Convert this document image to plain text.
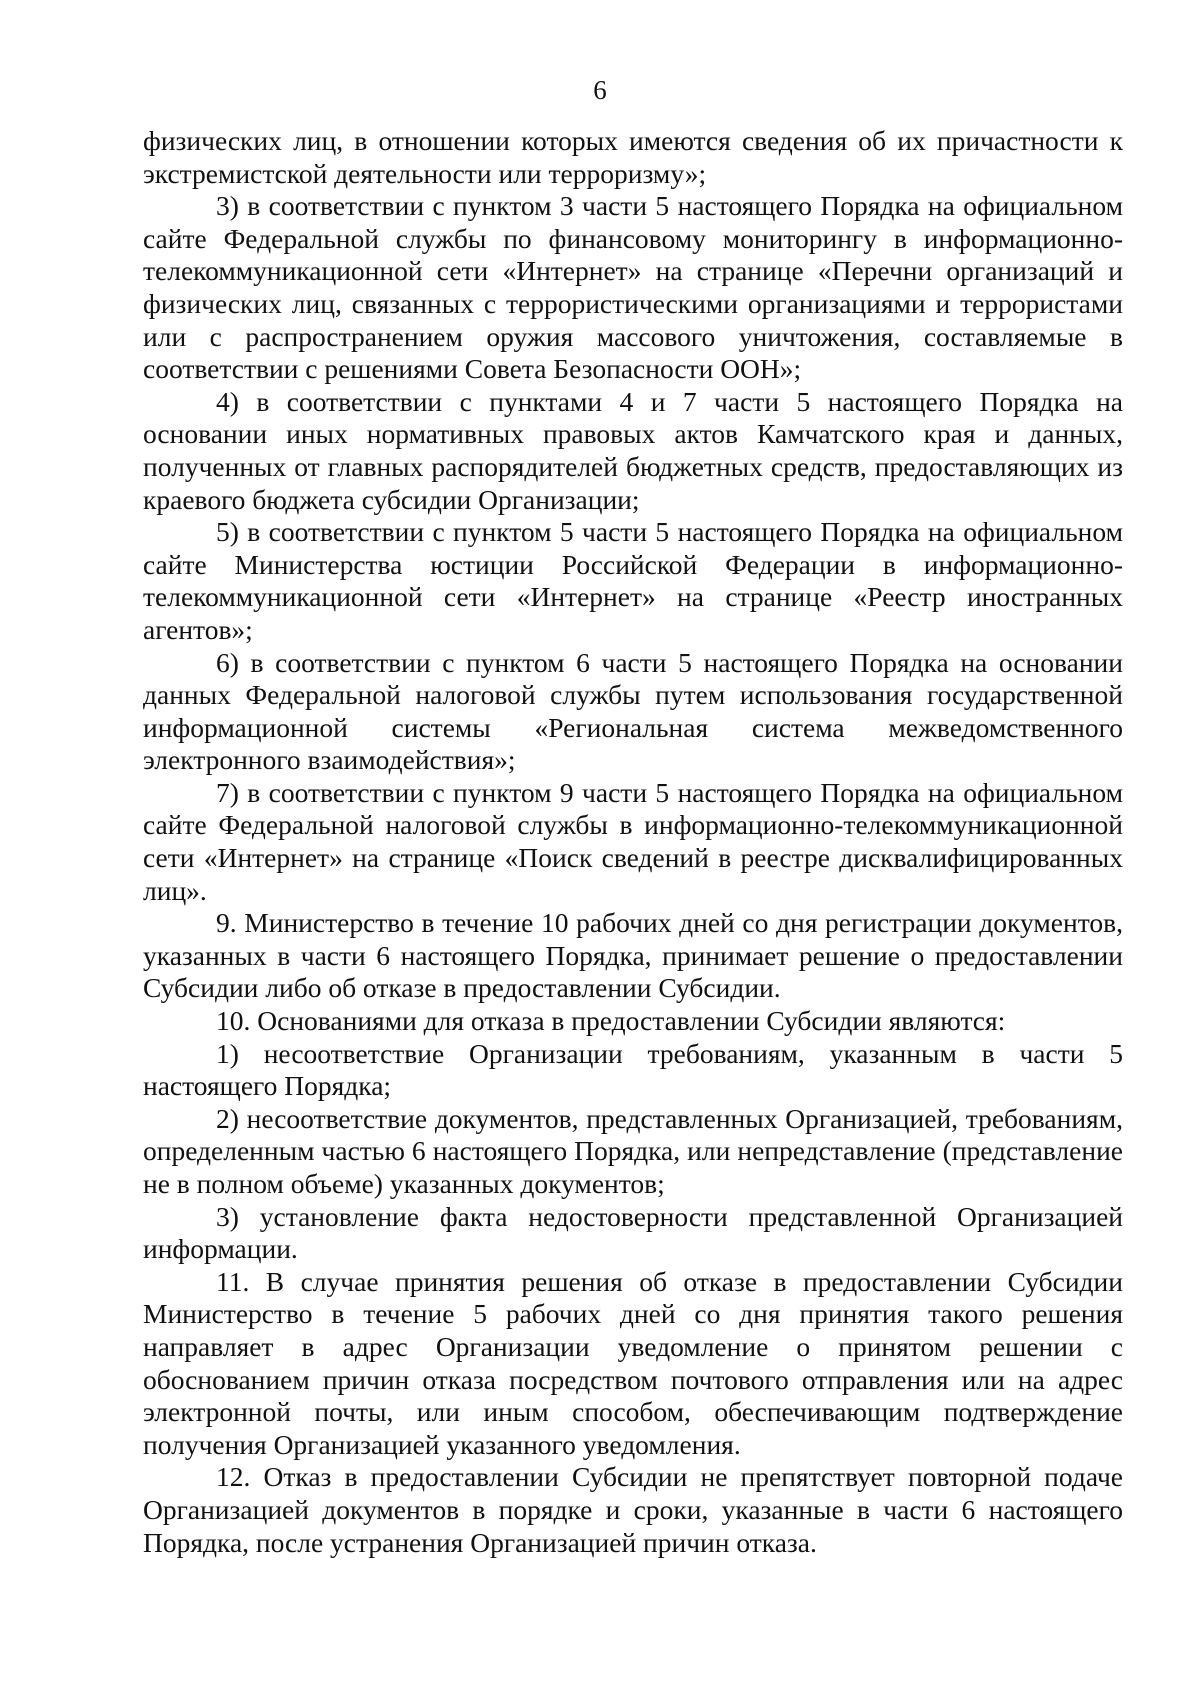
6

физических лиц, в отношении которых имеются сведения об их причастности к экстремистской деятельности или терроризму»;

3) в соответствии с пунктом 3 части 5 настоящего Порядка на официальном сайте Федеральной службы по финансовому мониторингу в информационно-телекоммуникационной сети «Интернет» на странице «Перечни организаций и физических лиц, связанных с террористическими организациями и террористами или с распространением оружия массового уничтожения, составляемые в соответствии с решениями Совета Безопасности ООН»;

4) в соответствии с пунктами 4 и 7 части 5 настоящего Порядка на основании иных нормативных правовых актов Камчатского края и данных, полученных от главных распорядителей бюджетных средств, предоставляющих из краевого бюджета субсидии Организации;

5) в соответствии с пунктом 5 части 5 настоящего Порядка на официальном сайте Министерства юстиции Российской Федерации в информационно-телекоммуникационной сети «Интернет» на странице «Реестр иностранных агентов»;

6) в соответствии с пунктом 6 части 5 настоящего Порядка на основании данных Федеральной налоговой службы путем использования государственной информационной системы «Региональная система межведомственного электронного взаимодействия»;

7) в соответствии с пунктом 9 части 5 настоящего Порядка на официальном сайте Федеральной налоговой службы в информационно-телекоммуникационной сети «Интернет» на странице «Поиск сведений в реестре дисквалифицированных лиц».

9. Министерство в течение 10 рабочих дней со дня регистрации документов, указанных в части 6 настоящего Порядка, принимает решение о предоставлении Субсидии либо об отказе в предоставлении Субсидии.

10. Основаниями для отказа в предоставлении Субсидии являются:

1) несоответствие Организации требованиям, указанным в части 5 настоящего Порядка;

2) несоответствие документов, представленных Организацией, требованиям, определенным частью 6 настоящего Порядка, или непредставление (представление не в полном объеме) указанных документов;

3) установление факта недостоверности представленной Организацией информации.

11. В случае принятия решения об отказе в предоставлении Субсидии Министерство в течение 5 рабочих дней со дня принятия такого решения направляет в адрес Организации уведомление о принятом решении с обоснованием причин отказа посредством почтового отправления или на адрес электронной почты, или иным способом, обеспечивающим подтверждение получения Организацией указанного уведомления.

12. Отказ в предоставлении Субсидии не препятствует повторной подаче Организацией документов в порядке и сроки, указанные в части 6 настоящего Порядка, после устранения Организацией причин отказа.
